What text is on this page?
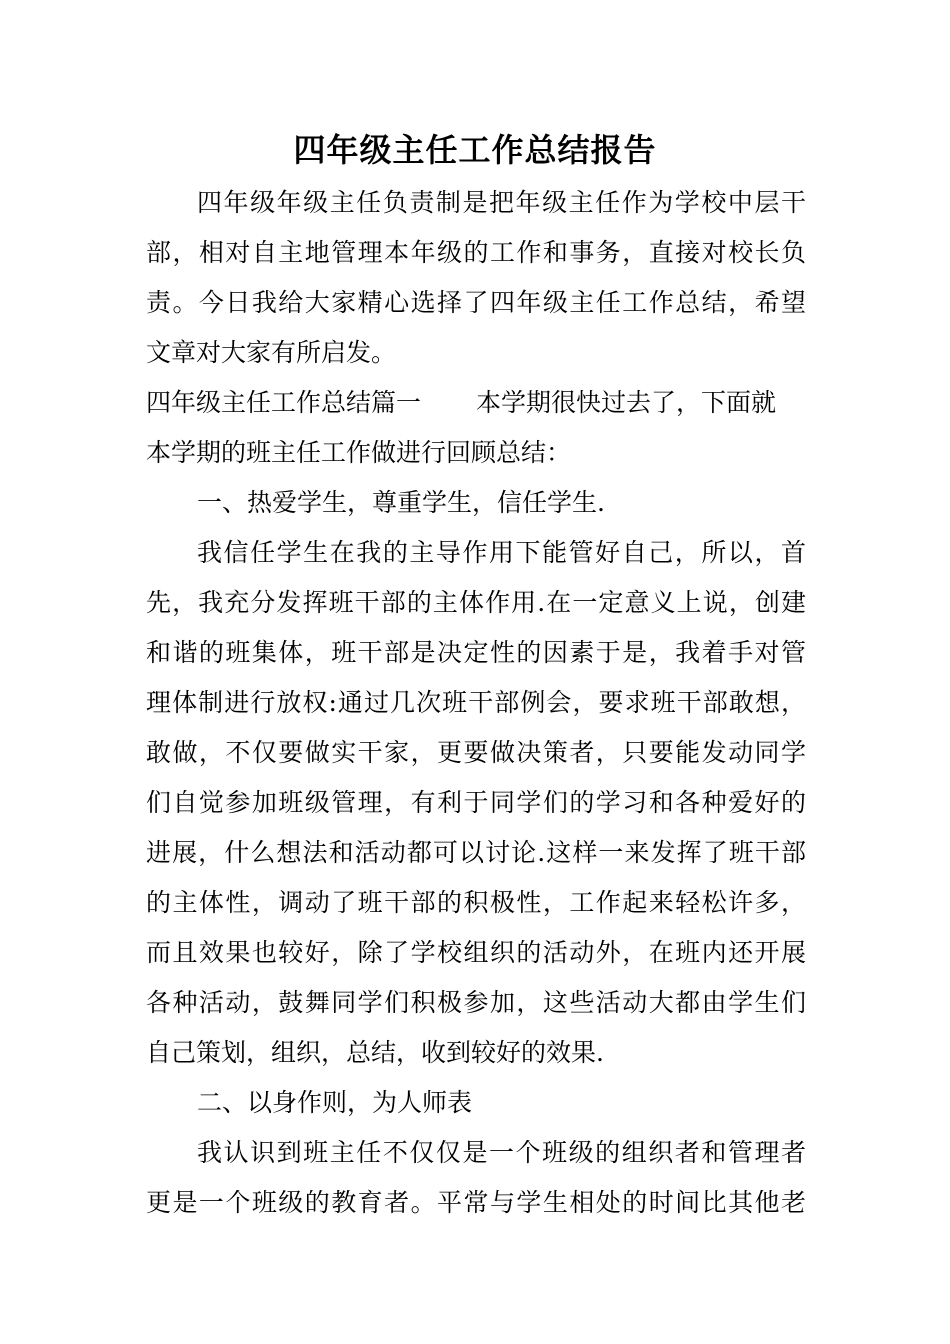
四年级主任工作总结报告
四年级年级主任负责制是把年级主任作为学校中层干
部，相对自主地管理本年级的工作和事务，直接对校长负
责。今日我给大家精心选择了四年级主任工作总结，希望
文章对大家有所启发。
四年级主任工作总结篇一 本学期很快过去了，下面就
本学期的班主任工作做进行回顾总结：
一、热爱学生，尊重学生，信任学生.
我信任学生在我的主导作用下能管好自己，所以，首
先，我充分发挥班干部的主体作用.在一定意义上说，创建
和谐的班集体，班干部是决定性的因素于是，我着手对管
理体制进行放权:通过几次班干部例会，要求班干部敢想，
敢做，不仅要做实干家，更要做决策者，只要能发动同学
们自觉参加班级管理，有利于同学们的学习和各种爱好的
进展，什么想法和活动都可以讨论.这样一来发挥了班干部
的主体性，调动了班干部的积极性，工作起来轻松许多，
而且效果也较好，除了学校组织的活动外，在班内还开展
各种活动，鼓舞同学们积极参加，这些活动大都由学生们
自己策划，组织，总结，收到较好的效果.
二、以身作则，为人师表
我认识到班主任不仅仅是一个班级的组织者和管理者
更是一个班级的教育者。平常与学生相处的时间比其他老
